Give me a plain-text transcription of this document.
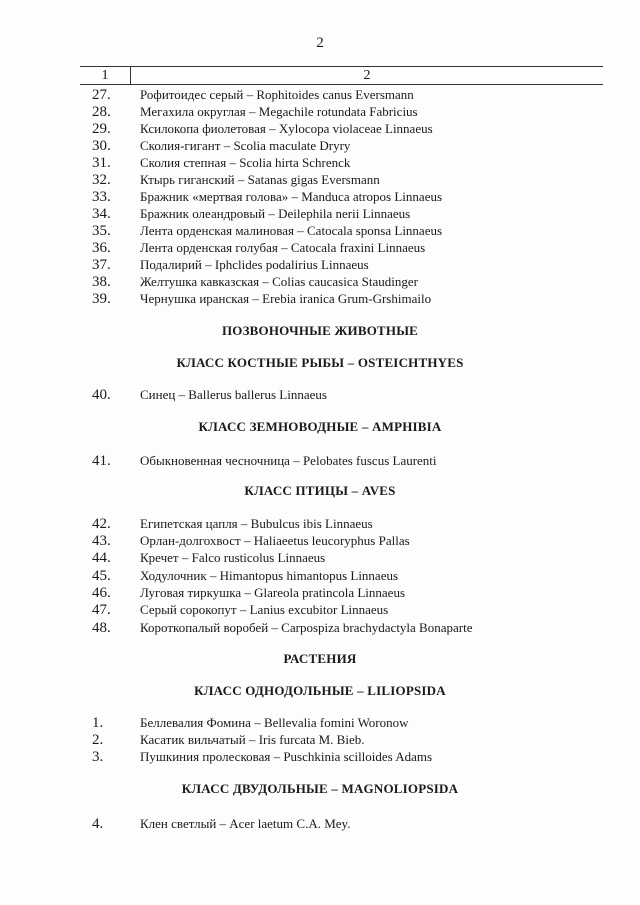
2
1	2
27. Рофитоидес серый – Rophitoides canus Eversmann
28. Мегахила округлая – Megachile rotundata Fabricius
29. Ксилокопа фиолетовая – Xylocopa violaceae Linnaeus
30. Сколия-гигант – Scolia maculate Dryry
31. Сколия степная – Scolia hirta Schrenck
32. Ктырь гиганский – Satanas gigas Eversmann
33. Бражник «мертвая голова» – Manduca atropos Linnaeus
34. Бражник олеандровый – Deilephila nerii Linnaeus
35. Лента орденская малиновая – Catocala sponsa Linnaeus
36. Лента орденская голубая – Catocala fraxini Linnaeus
37. Подалирий – Iphclides podalirius Linnaeus
38. Желтушка кавказская – Colias caucasica Staudinger
39. Чернушка иранская – Erebia iranica Grum-Grshimailo
40. Синец – Ballerus ballerus Linnaeus
41. Обыкновенная чесночница – Pelobates fuscus Laurenti
42. Египетская цапля – Bubulcus ibis Linnaeus
43. Орлан-долгохвост – Haliaeetus leucoryphus Pallas
44. Кречет – Falco rusticolus Linnaeus
45. Ходулочник – Himantopus himantopus Linnaeus
46. Луговая тиркушка – Glareola pratincola Linnaeus
47. Серый сорокопут – Lanius excubitor Linnaeus
48. Короткопалый воробей – Carpospiza brachydactyla Bonaparte
1.	Беллевалия Фомина – Bellevalia fomini Woronow
2.	Касатик вильчатый – Iris furcata M. Bieb.
3.	Пушкиния пролесковая – Puschkinia scilloides Adams
4.	Клен светлый – Acer laetum C.A. Mey.
ПОЗВОНОЧНЫЕ ЖИВОТНЫЕ
КЛАСС КОСТНЫЕ РЫБЫ – OSTEICHTHYES
КЛАСС ЗЕМНОВОДНЫЕ – AMPHIBIA
КЛАСС ПТИЦЫ – AVES
РАСТЕНИЯ
КЛАСС ОДНОДОЛЬНЫЕ – LILIOPSIDA
КЛАСС ДВУДОЛЬНЫЕ – MAGNOLIOPSIDA
